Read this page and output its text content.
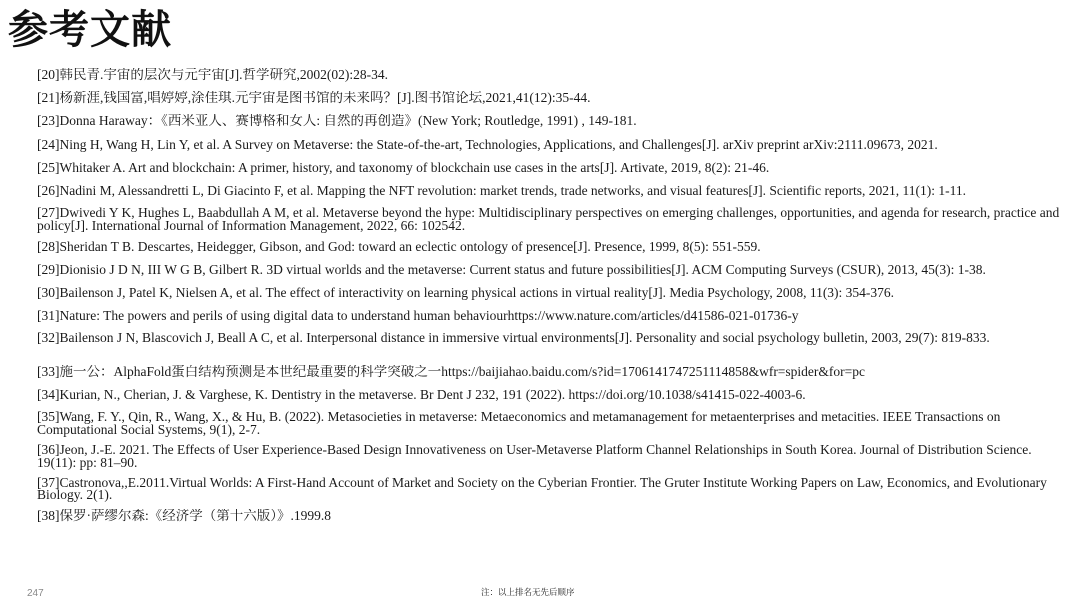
参考文献
[20]韩民青.宇宙的层次与元宇宙[J].哲学研究,2002(02):28-34.
[21]杨新涯,钱国富,唱婷婷,涂佳琪.元宇宙是图书馆的未来吗？[J].图书馆论坛,2021,41(12):35-44.
[23]Donna Haraway：《西米亚人、赛博格和女人: 自然的再创造》(New York; Routledge, 1991) , 149-181.
[24]Ning H, Wang H, Lin Y, et al. A Survey on Metaverse: the State-of-the-art, Technologies, Applications, and Challenges[J]. arXiv preprint arXiv:2111.09673, 2021.
[25]Whitaker A. Art and blockchain: A primer, history, and taxonomy of blockchain use cases in the arts[J]. Artivate, 2019, 8(2): 21-46.
[26]Nadini M, Alessandretti L, Di Giacinto F, et al. Mapping the NFT revolution: market trends, trade networks, and visual features[J]. Scientific reports, 2021, 11(1): 1-11.
[27]Dwivedi Y K, Hughes L, Baabdullah A M, et al. Metaverse beyond the hype: Multidisciplinary perspectives on emerging challenges, opportunities, and agenda for research, practice and policy[J]. International Journal of Information Management, 2022, 66: 102542.
[28]Sheridan T B. Descartes, Heidegger, Gibson, and God: toward an eclectic ontology of presence[J]. Presence, 1999, 8(5): 551-559.
[29]Dionisio J D N, III W G B, Gilbert R. 3D virtual worlds and the metaverse: Current status and future possibilities[J]. ACM Computing Surveys (CSUR), 2013, 45(3): 1-38.
[30]Bailenson J, Patel K, Nielsen A, et al. The effect of interactivity on learning physical actions in virtual reality[J]. Media Psychology, 2008, 11(3): 354-376.
[31]Nature: The powers and perils of using digital data to understand human behaviourhttps://www.nature.com/articles/d41586-021-01736-y
[32]Bailenson J N, Blascovich J, Beall A C, et al. Interpersonal distance in immersive virtual environments[J]. Personality and social psychology bulletin, 2003, 29(7): 819-833.
[33]施一公：AlphaFold蛋白结构预测是本世纪最重要的科学突破之一https://baijiahao.baidu.com/s?id=1706141747251114858&wfr=spider&for=pc
[34]Kurian, N., Cherian, J. & Varghese, K. Dentistry in the metaverse. Br Dent J 232, 191 (2022). https://doi.org/10.1038/s41415-022-4003-6.
[35]Wang, F. Y., Qin, R., Wang, X., & Hu, B. (2022). Metasocieties in metaverse: Metaeconomics and metamanagement for metaenterprises and metacities. IEEE Transactions on Computational Social Systems, 9(1), 2-7.
[36]Jeon, J.-E. 2021. The Effects of User Experience-Based Design Innovativeness on User-Metaverse Platform Channel Relationships in South Korea. Journal of Distribution Science. 19(11): pp: 81–90.
[37]Castronova,,E.2011.Virtual Worlds: A First-Hand Account of Market and Society on the Cyberian Frontier. The Gruter Institute Working Papers on Law, Economics, and Evolutionary Biology. 2(1).
[38]保罗·萨缪尔森:《经济学（第十六版）》.1999.8
247	注：以上排名无先后顺序
